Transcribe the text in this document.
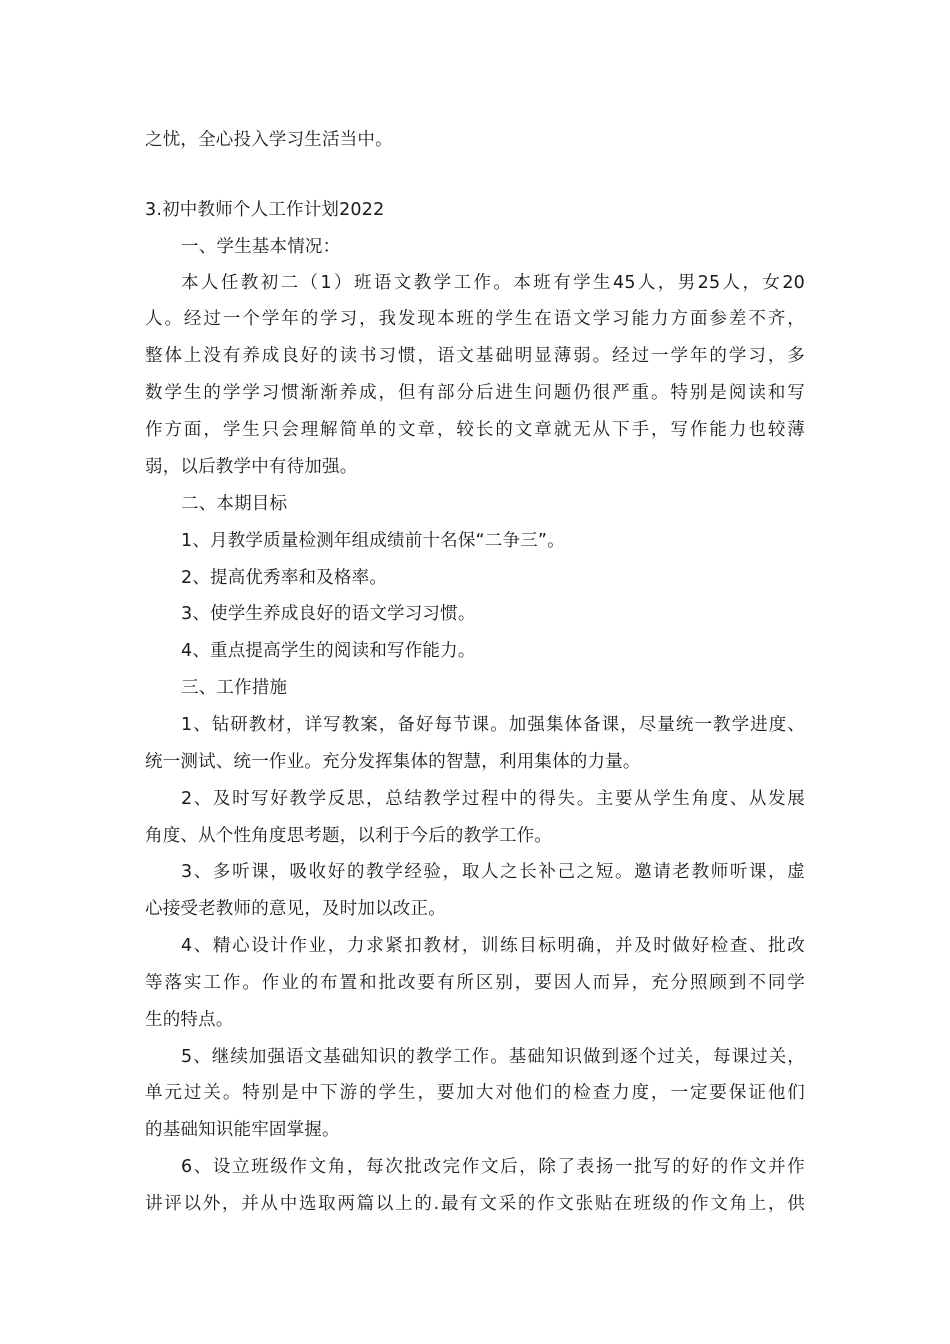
之忧，全心投入学习生活当中。
3.初中教师个人工作计划2022
一、学生基本情况：
本人任教初二（1）班语文教学工作。本班有学生45人，男25人，女20
人。经过一个学年的学习，我发现本班的学生在语文学习能力方面参差不齐，
整体上没有养成良好的读书习惯，语文基础明显薄弱。经过一学年的学习，多
数学生的学学习惯渐渐养成，但有部分后进生问题仍很严重。特别是阅读和写
作方面，学生只会理解简单的文章，较长的文章就无从下手，写作能力也较薄
弱，以后教学中有待加强。
二、本期目标
1、月教学质量检测年组成绩前十名保“二争三”。
2、提高优秀率和及格率。
3、使学生养成良好的语文学习习惯。
4、重点提高学生的阅读和写作能力。
三、工作措施
1、钻研教材，详写教案，备好每节课。加强集体备课，尽量统一教学进度、
统一测试、统一作业。充分发挥集体的智慧，利用集体的力量。
2、及时写好教学反思，总结教学过程中的得失。主要从学生角度、从发展
角度、从个性角度思考题，以利于今后的教学工作。
3、多听课，吸收好的教学经验，取人之长补己之短。邀请老教师听课，虚
心接受老教师的意见，及时加以改正。
4、精心设计作业，力求紧扣教材，训练目标明确，并及时做好检查、批改
等落实工作。作业的布置和批改要有所区别，要因人而异，充分照顾到不同学
生的特点。
5、继续加强语文基础知识的教学工作。基础知识做到逐个过关，每课过关，
单元过关。特别是中下游的学生，要加大对他们的检查力度，一定要保证他们
的基础知识能牢固掌握。
6、设立班级作文角，每次批改完作文后，除了表扬一批写的好的作文并作
讲评以外，并从中选取两篇以上的.最有文采的作文张贴在班级的作文角上，供
